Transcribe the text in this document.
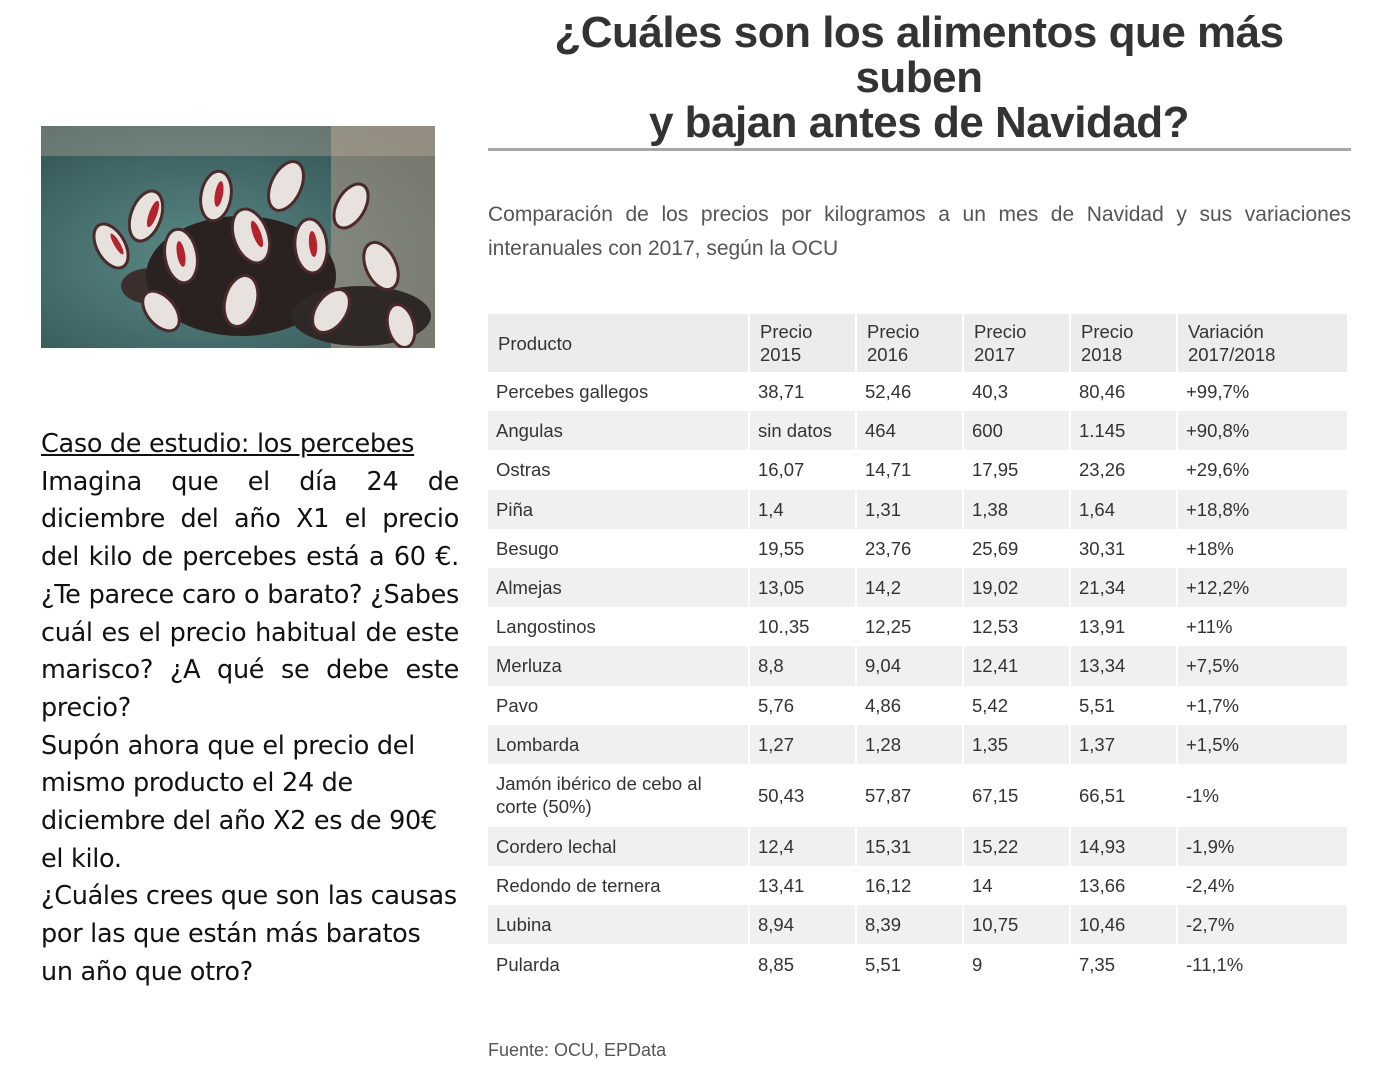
Caso de estudio: los percebes

Imagina que el día 24 de diciembre del año X1 el precio del kilo de percebes está a 60 €. ¿Te parece caro o barato? ¿Sabes cuál es el precio habitual de este marisco? ¿A qué se debe este precio?

Supón ahora que el precio del mismo producto el 24 de diciembre del año X2 es de 90€ el kilo.

¿Cuáles crees que son las causas por las que están más baratos un año que otro?

¿Cuáles son los alimentos que más suben
y bajan antes de Navidad?
Comparación de los precios por kilogramos a un mes de Navidad y sus variaciones interanuales con 2017, según la OCU
Producto	Precio 2015	Precio 2016	Precio 2017	Precio 2018	Variación 2017/2018
Percebes gallegos	38,71	52,46	40,3	80,46	+99,7%
Angulas	sin datos	464	600	1.145	+90,8%
Ostras	16,07	14,71	17,95	23,26	+29,6%
Piña	1,4	1,31	1,38	1,64	+18,8%
Besugo	19,55	23,76	25,69	30,31	+18%
Almejas	13,05	14,2	19,02	21,34	+12,2%
Langostinos	10.,35	12,25	12,53	13,91	+11%
Merluza	8,8	9,04	12,41	13,34	+7,5%
Pavo	5,76	4,86	5,42	5,51	+1,7%
Lombarda	1,27	1,28	1,35	1,37	+1,5%
Jamón ibérico de cebo al corte (50%)	50,43	57,87	67,15	66,51	-1%
Cordero lechal	12,4	15,31	15,22	14,93	-1,9%
Redondo de ternera	13,41	16,12	14	13,66	-2,4%
Lubina	8,94	8,39	10,75	10,46	-2,7%
Pularda	8,85	5,51	9	7,35	-11,1%
Fuente: OCU, EPData
